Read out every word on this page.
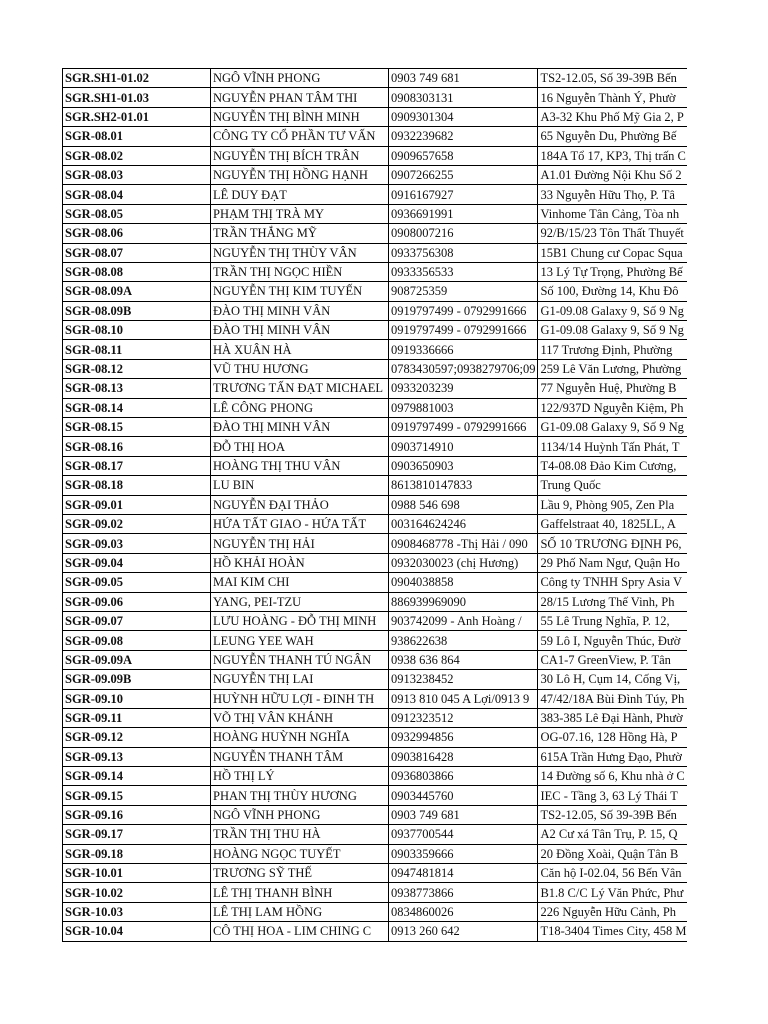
SGR.SH1-01.02	NGÔ VĨNH PHONG	0903 749 681	TS2-12.05, Số 39-39B Bến
SGR.SH1-01.03	NGUYỄN PHAN TÂM THI	0908303131	16 Nguyễn Thành Ý, Phườ
SGR.SH2-01.01	NGUYỄN THỊ BÌNH MINH	0909301304	A3-32 Khu Phố Mỹ Gia 2, P
SGR-08.01	CÔNG TY CỔ PHẦN TƯ VẤN	0932239682	65 Nguyễn Du, Phường Bế
SGR-08.02	NGUYỄN THỊ BÍCH TRÂN	0909657658	184A Tổ 17, KP3, Thị trấn C
SGR-08.03	NGUYỄN THỊ HỒNG HẠNH	0907266255	A1.01 Đường Nội Khu Số 2
SGR-08.04	LÊ DUY ĐẠT	0916167927	33 Nguyễn Hữu Thọ, P. Tâ
SGR-08.05	PHẠM THỊ TRÀ MY	0936691991	Vinhome Tân Cảng, Tòa nh
SGR-08.06	TRẦN THẮNG MỸ	0908007216	92/B/15/23 Tôn Thất Thuyết
SGR-08.07	NGUYỄN THỊ THÙY VÂN	0933756308	15B1 Chung cư Copac Squa
SGR-08.08	TRẦN THỊ NGỌC HIỀN	0933356533	13 Lý Tự Trọng, Phường Bế
SGR-08.09A	NGUYỄN THỊ KIM TUYẾN	908725359	Số 100, Đường 14, Khu Đô
SGR-08.09B	ĐÀO THỊ MINH VÂN	0919797499 - 0792991666	G1-09.08 Galaxy 9, Số 9 Ng
SGR-08.10	ĐÀO THỊ MINH VÂN	0919797499 - 0792991666	G1-09.08 Galaxy 9, Số 9 Ng
SGR-08.11	HÀ XUÂN HÀ	0919336666	117 Trương Định, Phường
SGR-08.12	VŨ THU HƯƠNG	0783430597;0938279706;09	259 Lê Văn Lương, Phường
SGR-08.13	TRƯƠNG TẤN ĐẠT MICHAEL	0933203239	77 Nguyễn Huệ, Phường B
SGR-08.14	LÊ CÔNG PHONG	0979881003	122/937D Nguyễn Kiệm, Ph
SGR-08.15	ĐÀO THỊ MINH VÂN	0919797499 - 0792991666	G1-09.08 Galaxy 9, Số 9 Ng
SGR-08.16	ĐỖ THỊ HOA	0903714910	1134/14 Huỳnh Tấn Phát, T
SGR-08.17	HOÀNG THỊ THU VÂN	0903650903	T4-08.08 Đảo Kim Cương,
SGR-08.18	LU BIN	8613810147833	Trung Quốc
SGR-09.01	NGUYỄN ĐẠI THẢO	0988 546 698	Lầu 9, Phòng 905, Zen Pla
SGR-09.02	HỨA TẤT GIAO - HỨA TẤT	003164624246	Gaffelstraat 40, 1825LL, A
SGR-09.03	NGUYỄN THỊ HẢI	0908468778 -Thị Hải / 090	SỐ 10 TRƯƠNG ĐỊNH P6,
SGR-09.04	HỒ KHẢI HOÀN	0932030023 (chị Hương)	29 Phố Nam Ngư, Quận Ho
SGR-09.05	MAI KIM CHI	0904038858	Công ty TNHH Spry Asia V
SGR-09.06	YANG, PEI-TZU	886939969090	28/15 Lương Thế Vinh, Ph
SGR-09.07	LƯU HOÀNG - ĐỖ THỊ MINH	903742099 - Anh Hoàng /	55 Lê Trung Nghĩa, P. 12,
SGR-09.08	LEUNG YEE WAH	938622638	59 Lô I, Nguyễn Thúc, Đườ
SGR-09.09A	NGUYỄN THANH TÚ NGÂN	0938 636 864	CA1-7 GreenView, P. Tân
SGR-09.09B	NGUYỄN THỊ LAI	0913238452	30 Lô H, Cụm 14, Cống Vị,
SGR-09.10	HUỲNH HỮU LỢI - ĐINH TH	0913 810 045 A Lợi/0913 9	47/42/18A Bùi Đình Túy, Ph
SGR-09.11	VÕ THỊ VÂN KHÁNH	0912323512	383-385 Lê Đại Hành, Phườ
SGR-09.12	HOÀNG HUỲNH NGHĨA	0932994856	OG-07.16, 128 Hồng Hà, P
SGR-09.13	NGUYỄN THANH TÂM	0903816428	615A Trần Hưng Đạo, Phườ
SGR-09.14	HỒ THỊ LÝ	0936803866	14 Đường số 6, Khu nhà ở C
SGR-09.15	PHAN THỊ THÙY HƯƠNG	0903445760	IEC - Tầng 3, 63 Lý Thái T
SGR-09.16	NGÔ VĨNH PHONG	0903 749 681	TS2-12.05, Số 39-39B Bến
SGR-09.17	TRẦN THỊ THU HÀ	0937700544	A2 Cư xá Tân Trụ, P. 15, Q
SGR-09.18	HOÀNG NGỌC TUYẾT	0903359666	20 Đồng Xoài, Quận Tân B
SGR-10.01	TRƯƠNG SỸ THẾ	0947481814	Căn hộ I-02.04, 56 Bến Vân
SGR-10.02	LÊ THỊ THANH BÌNH	0938773866	B1.8 C/C Lý Văn Phức, Phư
SGR-10.03	LÊ THỊ LAM HỒNG	0834860026	226 Nguyễn Hữu Cảnh, Ph
SGR-10.04	CÔ THỊ HOA - LIM CHING C	0913 260 642	T18-3404 Times City, 458 M
